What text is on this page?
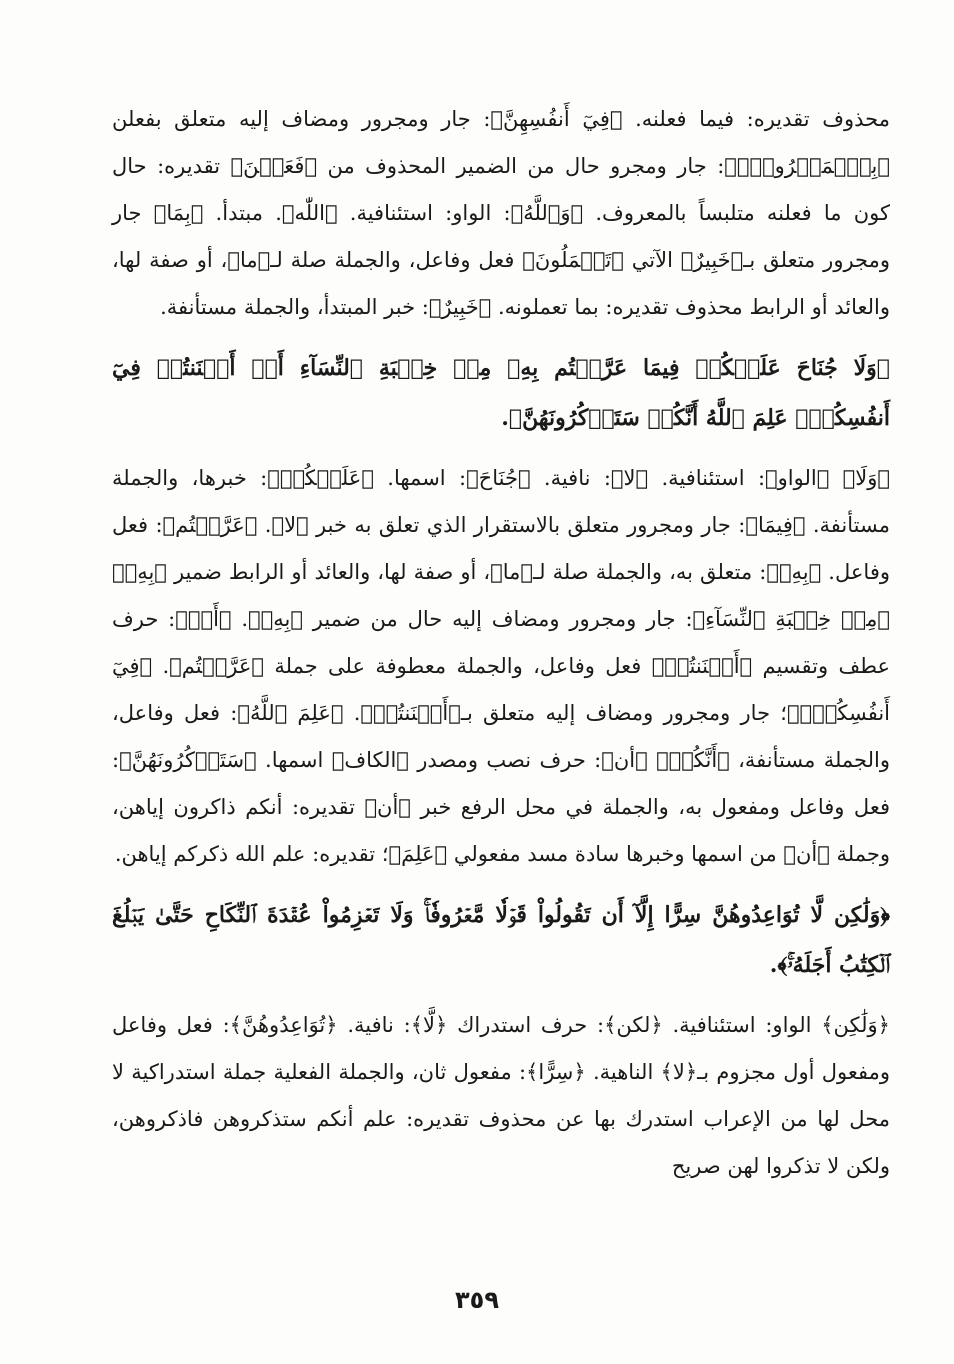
محذوف تقديره: فيما فعلنه. ﴿فِيٓ أَنفُسِهِنَّ﴾: جار ومجرور ومضاف إليه متعلق بفعلن ﴿بِٱلۡمَعۡرُوفِۗ﴾: جار ومجرو حال من الضمير المحذوف من ﴿فَعَلۡنَ﴾ تقديره: حال كون ما فعلنه متلبساً بالمعروف. ﴿وَٱللَّهُ﴾: الواو: استئنافية. ﴿اللّٰه﴾. مبتدأ. ﴿بِمَا﴾ جار ومجرور متعلق بـ﴿خَبِيرٌ﴾ الآتي ﴿تَعۡمَلُونَ﴾ فعل وفاعل، والجملة صلة لـ﴿ما﴾، أو صفة لها، والعائد أو الرابط محذوف تقديره: بما تعملونه. ﴿خَبِيرٌ﴾: خبر المبتدأ، والجملة مستأنفة.

﴿وَلَا جُنَاحَ عَلَيۡكُمۡ فِيمَا عَرَّضۡتُم بِهِۦ مِنۡ خِطۡبَةِ ٱلنِّسَآءِ أَوۡ أَكۡنَنتُمۡ فِيٓ أَنفُسِكُمۡۚ عَلِمَ ٱللَّهُ أَنَّكُمۡ سَتَذۡكُرُونَهُنَّ﴾.

﴿وَلَا﴾ ﴿الواو﴾: استئنافية. ﴿لا﴾: نافية. ﴿جُنَاحَ﴾: اسمها. ﴿عَلَيۡكُمۡ﴾: خبرها، والجملة مستأنفة. ﴿فِيمَا﴾: جار ومجرور متعلق بالاستقرار الذي تعلق به خبر ﴿لا﴾. ﴿عَرَّضۡتُم﴾: فعل وفاعل. ﴿بِهِۦ﴾: متعلق به، والجملة صلة لـ﴿ما﴾، أو صفة لها، والعائد أو الرابط ضمير ﴿بِهِۦ﴾ ﴿مِنۡ خِطۡبَةِ ٱلنِّسَآءِ﴾: جار ومجرور ومضاف إليه حال من ضمير ﴿بِهِۦ﴾. ﴿أَوۡ﴾: حرف عطف وتقسيم ﴿أَكۡنَنتُمۡ﴾ فعل وفاعل، والجملة معطوفة على جملة ﴿عَرَّضۡتُم﴾. ﴿فِيٓ أَنفُسِكُمۡۚ﴾؛ جار ومجرور ومضاف إليه متعلق بـ﴿أَكۡنَنتُمۡ﴾. ﴿عَلِمَ ٱللَّهُ﴾: فعل وفاعل، والجملة مستأنفة، ﴿أَنَّكُمۡ﴾ ﴿أن﴾: حرف نصب ومصدر ﴿الكاف﴾ اسمها. ﴿سَتَذۡكُرُونَهُنَّ﴾: فعل وفاعل ومفعول به، والجملة في محل الرفع خبر ﴿أن﴾ تقديره: أنكم ذاكرون إياهن، وجملة ﴿أن﴾ من اسمها وخبرها سادة مسد مفعولي ﴿عَلِمَ﴾؛ تقديره: علم الله ذكركم إياهن.

﴿وَلَٰكِن لَّا تُوَاعِدُوهُنَّ سِرًّا إِلَّآ أَن تَقُولُواْ قَوۡلٗا مَّعۡرُوفٗاۚ وَلَا تَعۡزِمُواْ عُقۡدَةَ ٱلنِّكَاحِ حَتَّىٰ يَبۡلُغَ ٱلۡكِتَٰبُ أَجَلَهُۥۚ﴾.

﴿وَلَٰكِن﴾ الواو: استئنافية. ﴿لكن﴾: حرف استدراك ﴿لَّا﴾: نافية. ﴿تُوَاعِدُوهُنَّ﴾: فعل وفاعل ومفعول أول مجزوم بـ﴿لا﴾ الناهية. ﴿سِرًّا﴾: مفعول ثان، والجملة الفعلية جملة استدراكية لا محل لها من الإعراب استدرك بها عن محذوف تقديره: علم أنكم ستذكروهن فاذكروهن، ولكن لا تذكروا لهن صريح

٣٥٩
